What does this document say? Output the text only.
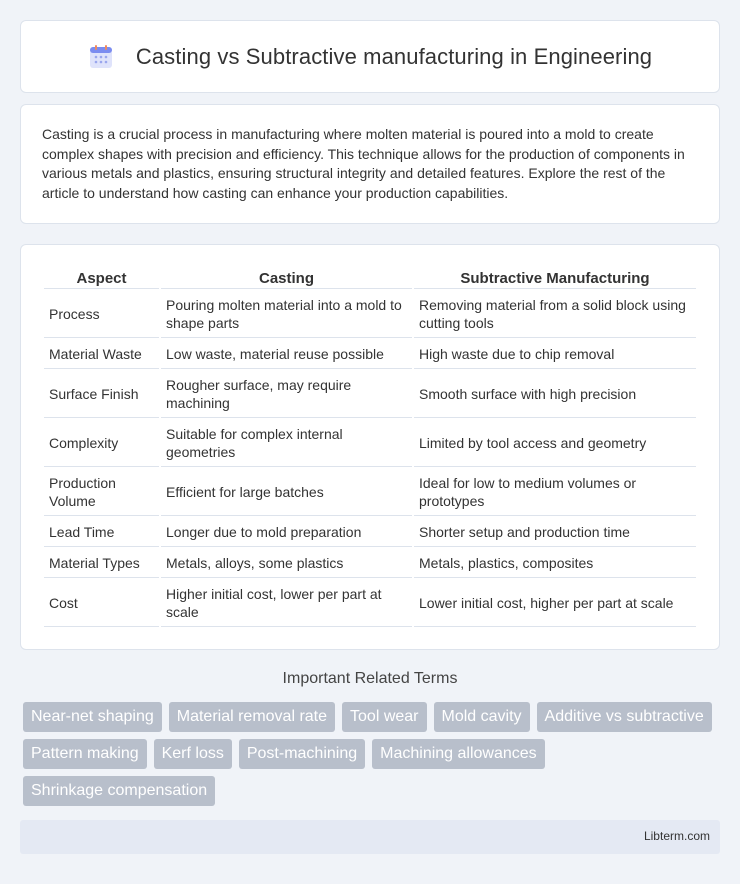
Casting vs Subtractive manufacturing in Engineering

Casting is a crucial process in manufacturing where molten material is poured into a mold to create complex shapes with precision and efficiency. This technique allows for the production of components in various metals and plastics, ensuring structural integrity and detailed features. Explore the rest of the article to understand how casting can enhance your production capabilities.

Aspect	Casting	Subtractive Manufacturing
Process	Pouring molten material into a mold to shape parts	Removing material from a solid block using cutting tools
Material Waste	Low waste, material reuse possible	High waste due to chip removal
Surface Finish	Rougher surface, may require machining	Smooth surface with high precision
Complexity	Suitable for complex internal geometries	Limited by tool access and geometry
Production Volume	Efficient for large batches	Ideal for low to medium volumes or prototypes
Lead Time	Longer due to mold preparation	Shorter setup and production time
Material Types	Metals, alloys, some plastics	Metals, plastics, composites
Cost	Higher initial cost, lower per part at scale	Lower initial cost, higher per part at scale
Important Related Terms
Near-net shaping	Material removal rate	Tool wear	Mold cavity	Additive vs subtractive
Pattern making	Kerf loss	Post-machining	Machining allowances
Shrinkage compensation
Libterm.com
